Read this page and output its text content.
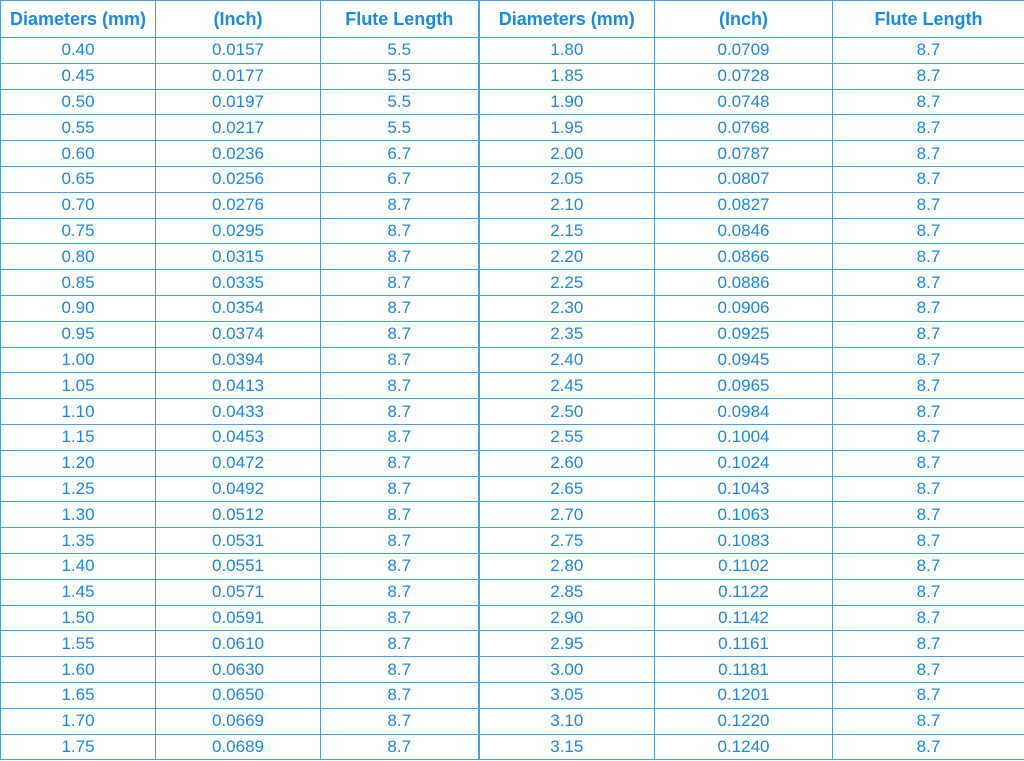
Diameters (mm)	(Inch)	Flute Length	Diameters (mm)	(Inch)	Flute Length
0.40	0.0157	5.5	1.80	0.0709	8.7
0.45	0.0177	5.5	1.85	0.0728	8.7
0.50	0.0197	5.5	1.90	0.0748	8.7
0.55	0.0217	5.5	1.95	0.0768	8.7
0.60	0.0236	6.7	2.00	0.0787	8.7
0.65	0.0256	6.7	2.05	0.0807	8.7
0.70	0.0276	8.7	2.10	0.0827	8.7
0.75	0.0295	8.7	2.15	0.0846	8.7
0.80	0.0315	8.7	2.20	0.0866	8.7
0.85	0.0335	8.7	2.25	0.0886	8.7
0.90	0.0354	8.7	2.30	0.0906	8.7
0.95	0.0374	8.7	2.35	0.0925	8.7
1.00	0.0394	8.7	2.40	0.0945	8.7
1.05	0.0413	8.7	2.45	0.0965	8.7
1.10	0.0433	8.7	2.50	0.0984	8.7
1.15	0.0453	8.7	2.55	0.1004	8.7
1.20	0.0472	8.7	2.60	0.1024	8.7
1.25	0.0492	8.7	2.65	0.1043	8.7
1.30	0.0512	8.7	2.70	0.1063	8.7
1.35	0.0531	8.7	2.75	0.1083	8.7
1.40	0.0551	8.7	2.80	0.1102	8.7
1.45	0.0571	8.7	2.85	0.1122	8.7
1.50	0.0591	8.7	2.90	0.1142	8.7
1.55	0.0610	8.7	2.95	0.1161	8.7
1.60	0.0630	8.7	3.00	0.1181	8.7
1.65	0.0650	8.7	3.05	0.1201	8.7
1.70	0.0669	8.7	3.10	0.1220	8.7
1.75	0.0689	8.7	3.15	0.1240	8.7
